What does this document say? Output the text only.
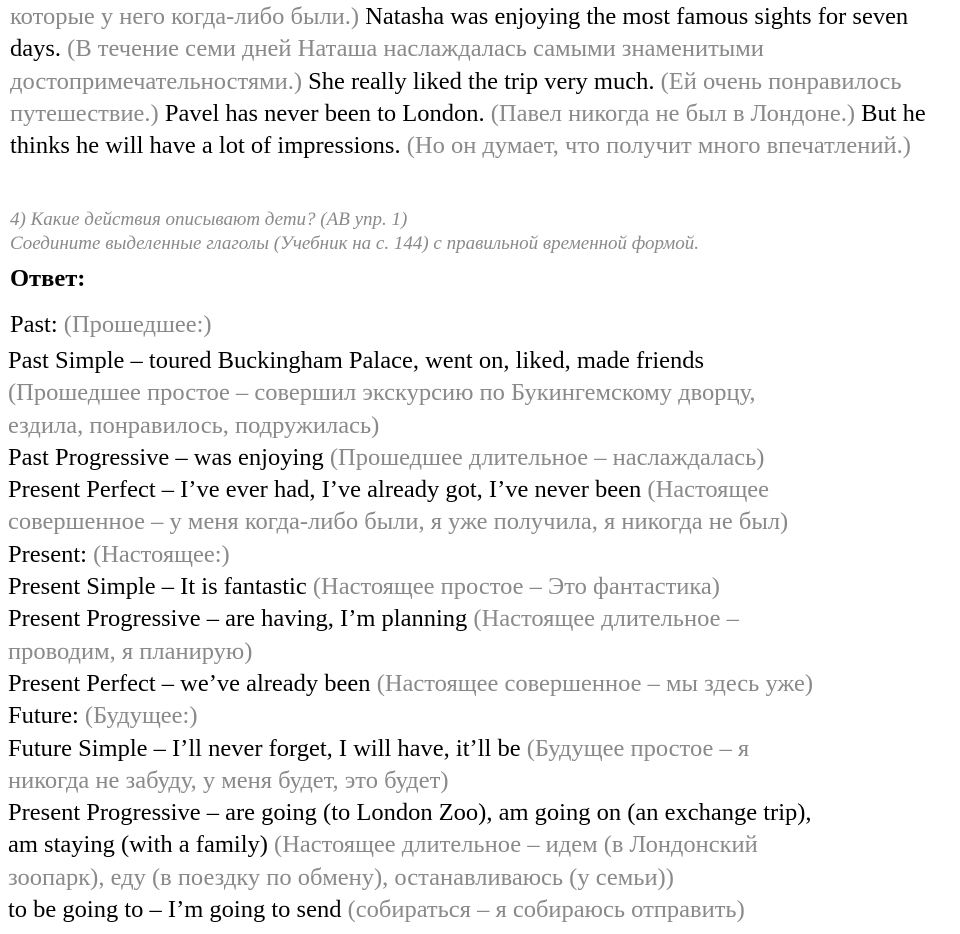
которые у него когда-либо были.) Natasha was enjoying the most famous sights for seven days. (В течение семи дней Наташа наслаждалась самыми знаменитыми достопримечательностями.) She really liked the trip very much. (Ей очень понравилось путешествие.) Pavel has never been to London. (Павел никогда не был в Лондоне.) But he thinks he will have a lot of impressions. (Но он думает, что получит много впечатлений.)
4) Какие действия описывают дети? (АВ упр. 1)
Соедините выделенные глаголы (Учебник на с. 144) с правильной временной формой.
Ответ:
Past: (Прошедшее:)
Past Simple – toured Buckingham Palace, went on, liked, made friends
(Прошедшее простое – совершил экскурсию по Букингемскому дворцу,
ездила, понравилось, подружилась)
Past Progressive – was enjoying (Прошедшее длительное – наслаждалась)
Present Perfect – I’ve ever had, I’ve already got, I’ve never been (Настоящее
совершенное – у меня когда-либо были, я уже получила, я никогда не был)
Present: (Настоящее:)
Present Simple – It is fantastic (Настоящее простое – Это фантастика)
Present Progressive – are having, I’m planning (Настоящее длительное –
проводим, я планирую)
Present Perfect – we’ve already been (Настоящее совершенное – мы здесь уже)
Future: (Будущее:)
Future Simple – I’ll never forget, I will have, it’ll be (Будущее простое – я
никогда не забуду, у меня будет, это будет)
Present Progressive – are going (to London Zoo), am going on (an exchange trip),
am staying (with a family) (Настоящее длительное – идем (в Лондонский
зоопарк), еду (в поездку по обмену), останавливаюсь (у семьи))
to be going to – I’m going to send (собираться – я собираюсь отправить)
